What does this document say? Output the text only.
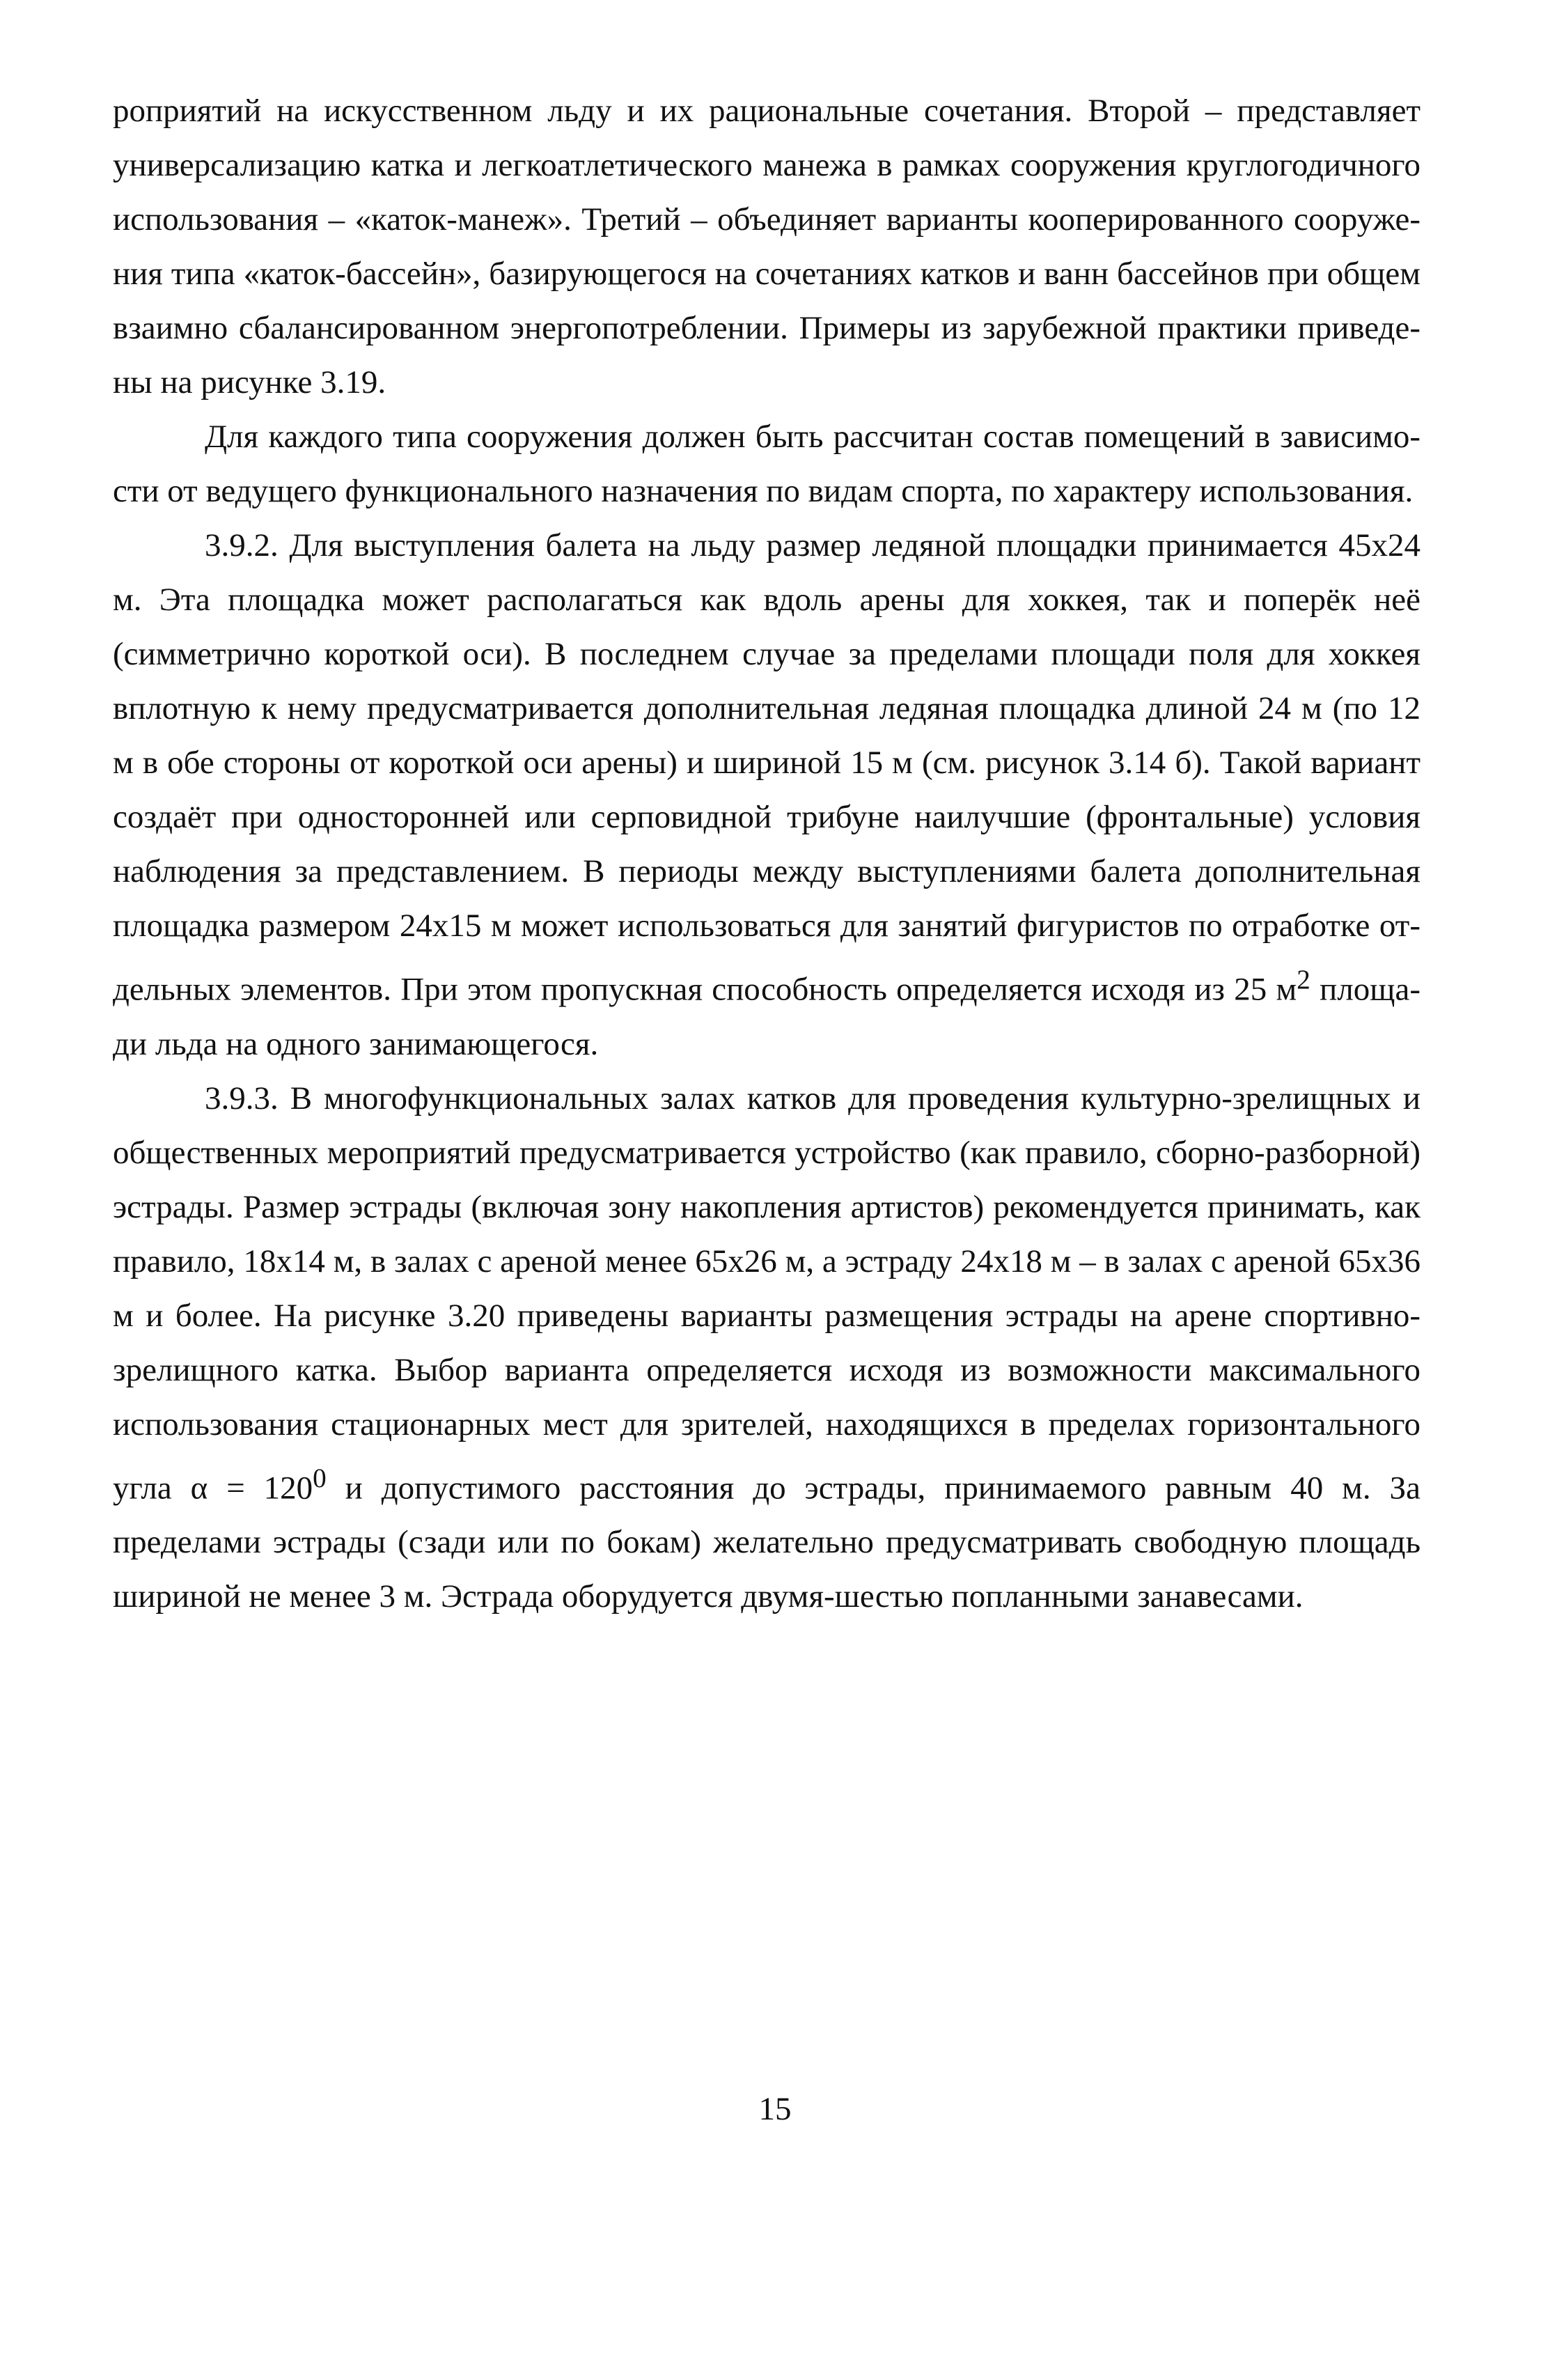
роприятий на искусственном льду и их рациональные сочетания. Второй – представляет универсализацию катка и легкоатлетического манежа в рамках сооружения круглогодичного использования – «каток-манеж». Третий – объединяет варианты кооперированного сооружения типа «каток-бассейн», базирующегося на сочетаниях катков и ванн бассейнов при общем взаимно сбалансированном энергопотреблении. Примеры из зарубежной практики приведены на рисунке 3.19.

Для каждого типа сооружения должен быть рассчитан состав помещений в зависимости от ведущего функционального назначения по видам спорта, по характеру использования.

3.9.2. Для выступления балета на льду размер ледяной площадки принимается 45х24 м. Эта площадка может располагаться как вдоль арены для хоккея, так и поперёк неё (симметрично короткой оси). В последнем случае за пределами площади поля для хоккея вплотную к нему предусматривается дополнительная ледяная площадка длиной 24 м (по 12 м в обе стороны от короткой оси арены) и шириной 15 м (см. рисунок 3.14 б). Такой вариант создаёт при односторонней или серповидной трибуне наилучшие (фронтальные) условия наблюдения за представлением. В периоды между выступлениями балета дополнительная площадка размером 24х15 м может использоваться для занятий фигуристов по отработке отдельных элементов. При этом пропускная способность определяется исходя из 25 $м^2$ площади льда на одного занимающегося.

3.9.3. В многофункциональных залах катков для проведения культурно-зрелищных и общественных мероприятий предусматривается устройство (как правило, сборно-разборной) эстрады. Размер эстрады (включая зону накопления артистов) рекомендуется принимать, как правило, 18х14 м, в залах с ареной менее 65х26 м, а эстраду 24х18 м – в залах с ареной 65х36 м и более. На рисунке 3.20 приведены варианты размещения эстрады на арене спортивно-зрелищного катка. Выбор варианта определяется исходя из возможности максимального использования стационарных мест для зрителей, находящихся в пределах горизонтального угла $\alpha = 120^0$ и допустимого расстояния до эстрады, принимаемого равным 40 м. За пределами эстрады (сзади или по бокам) желательно предусматривать свободную площадь шириной не менее 3 м. Эстрада оборудуется двумя-шестью попланными занавесами.

15
